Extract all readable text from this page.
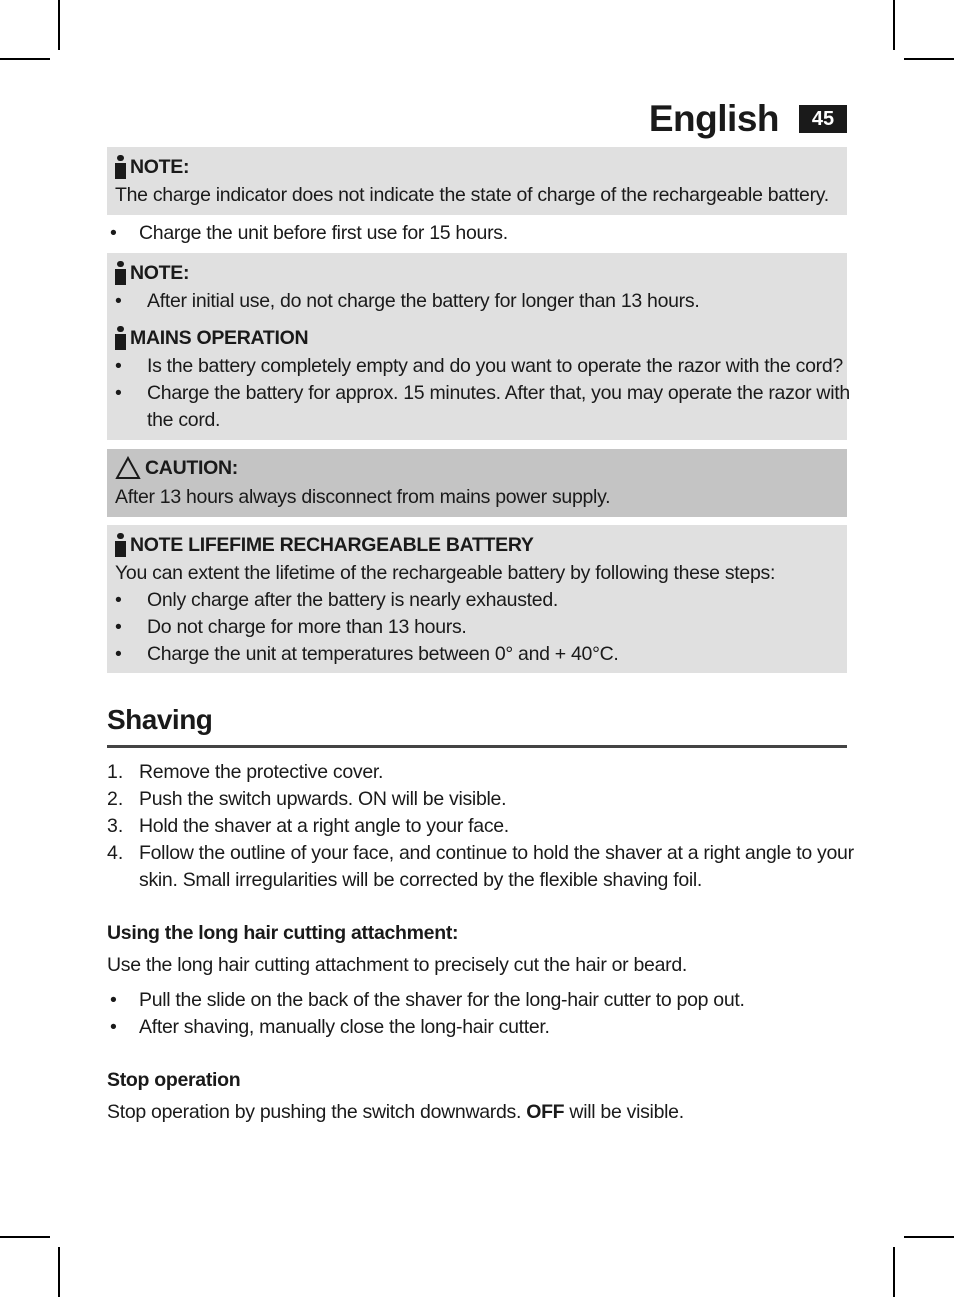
English	45
NOTE:
The charge indicator does not indicate the state of charge of the rechargeable battery.
• Charge the unit before first use for 15 hours.
NOTE:
• After initial use, do not charge the battery for longer than 13 hours.
MAINS OPERATION
• Is the battery completely empty and do you want to operate the razor with the cord?
• Charge the battery for approx. 15 minutes. After that, you may operate the razor with
the cord.
CAUTION:
After 13 hours always disconnect from mains power supply.
NOTE LIFEFIME RECHARGEABLE BATTERY
You can extent the lifetime of the rechargeable battery by following these steps:
• Only charge after the battery is nearly exhausted.
• Do not charge for more than 13 hours.
• Charge the unit at temperatures between 0° and + 40°C.
Shaving
1. Remove the protective cover.
2. Push the switch upwards. ON will be visible.
3. Hold the shaver at a right angle to your face.
4. Follow the outline of your face, and continue to hold the shaver at a right angle to your
skin. Small irregularities will be corrected by the flexible shaving foil.
Using the long hair cutting attachment:
Use the long hair cutting attachment to precisely cut the hair or beard.
• Pull the slide on the back of the shaver for the long-hair cutter to pop out.
• After shaving, manually close the long-hair cutter.
Stop operation
Stop operation by pushing the switch downwards. OFF will be visible.
